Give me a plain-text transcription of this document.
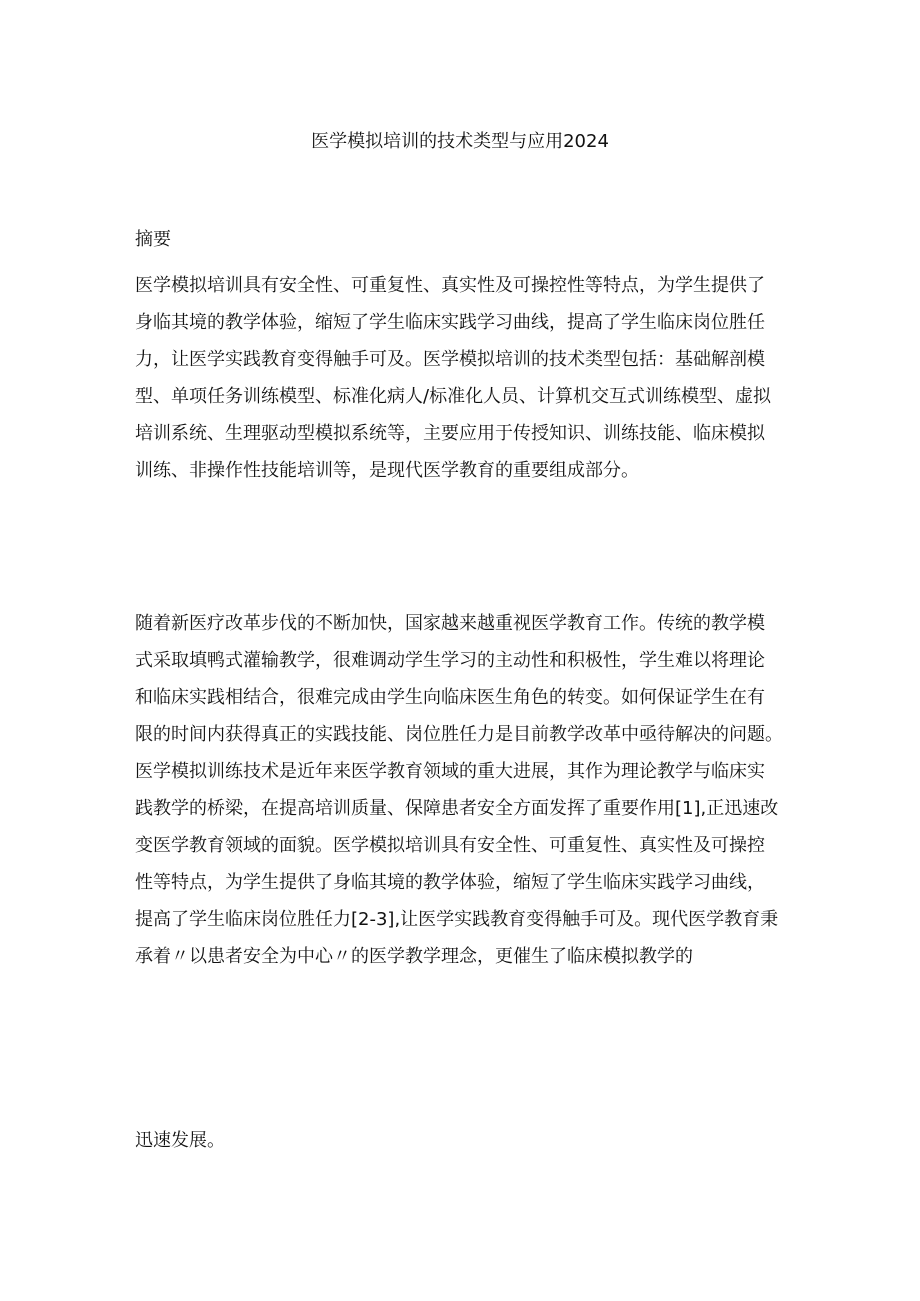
医学模拟培训的技术类型与应用2024
摘要
医学模拟培训具有安全性、可重复性、真实性及可操控性等特点，为学生提供了
身临其境的教学体验，缩短了学生临床实践学习曲线，提高了学生临床岗位胜任
力，让医学实践教育变得触手可及。医学模拟培训的技术类型包括：基础解剖模
型、单项任务训练模型、标准化病人/标准化人员、计算机交互式训练模型、虚拟
培训系统、生理驱动型模拟系统等，主要应用于传授知识、训练技能、临床模拟
训练、非操作性技能培训等，是现代医学教育的重要组成部分。
随着新医疗改革步伐的不断加快，国家越来越重视医学教育工作。传统的教学模
式采取填鸭式灌输教学，很难调动学生学习的主动性和积极性，学生难以将理论
和临床实践相结合，很难完成由学生向临床医生角色的转变。如何保证学生在有
限的时间内获得真正的实践技能、岗位胜任力是目前教学改革中亟待解决的问题。
医学模拟训练技术是近年来医学教育领域的重大进展，其作为理论教学与临床实
践教学的桥梁，在提高培训质量、保障患者安全方面发挥了重要作用[1],正迅速改
变医学教育领域的面貌。医学模拟培训具有安全性、可重复性、真实性及可操控
性等特点，为学生提供了身临其境的教学体验，缩短了学生临床实践学习曲线，
提高了学生临床岗位胜任力[2-3],让医学实践教育变得触手可及。现代医学教育秉
承着〃以患者安全为中心〃的医学教学理念，更催生了临床模拟教学的
迅速发展。
